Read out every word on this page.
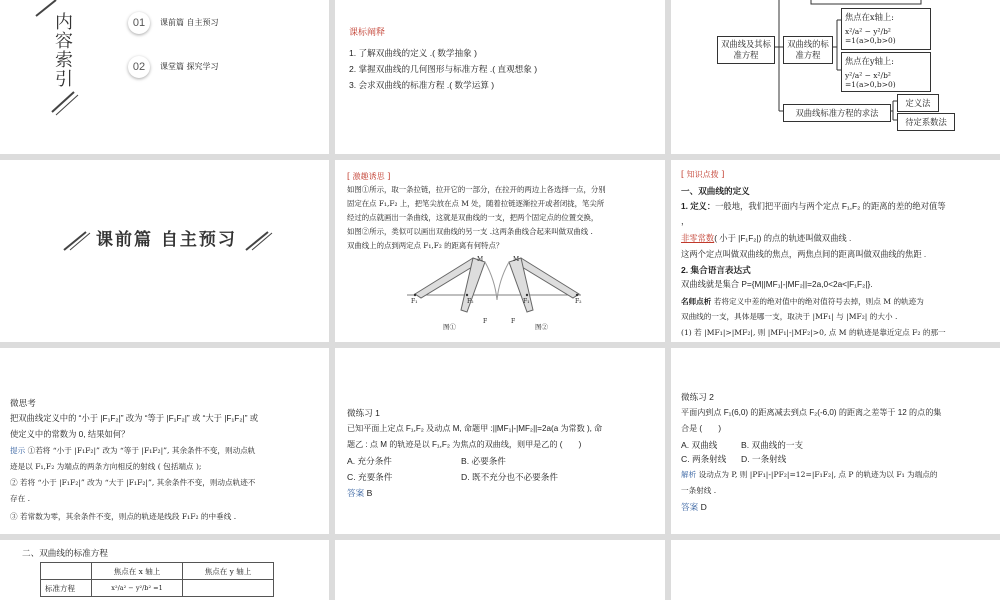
内容索引	01	课前篇 自主预习
02	课堂篇 探究学习
课标阐释
1. 了解双曲线的定义 .( 数学抽象 )
2. 掌握双曲线的几何图形与标准方程 .( 直观想象 )
3. 会求双曲线的标准方程 .( 数学运算 )
双曲线及其标准方程
双曲线的标准方程
焦点在x轴上:
x²/a² − y²/b² =1(a>0,b>0)
焦点在y轴上:
y²/a² − x²/b² =1(a>0,b>0)
双曲线标准方程的求法
定义法
待定系数法
课前篇 自主预习
[ 激趣诱思 ]
如图①所示，取一条拉链，拉开它的一部分，在拉开的两边上各选择一点，分别
固定在点 F₁,F₂ 上，把笔尖放在点 M 处，随着拉链逐渐拉开或者闭拢，笔尖所
经过的点就画出一条曲线，这就是双曲线的一支，把两个固定点的位置交换，
如图②所示，类似可以画出双曲线的另一支 .这两条曲线合起来叫做双曲线 .
双曲线上的点到两定点 F₁,F₂ 的距离有何特点？
F₁	F₂
M
F
F₁	F₂
M
F
图①	图②
[ 知识点拨 ]
一、双曲线的定义
1. 定义：一般地，我们把平面内与两个定点 F₁,F₂ 的距离的差的绝对值等
，
非零常数( 小于 |F₁F₂|) 的点的轨迹叫做双曲线 .
这两个定点叫做双曲线的焦点，两焦点间的距离叫做双曲线的焦距 .
2. 集合语言表达式
双曲线就是集合 P={M||MF₁|-|MF₂||=2a,0<2a<|F₁F₂|}.
名师点析 若将定义中差的绝对值中的绝对值符号去掉，则点 M 的轨迹为
双曲线的一支，具体是哪一支，取决于 |MF₁| 与 |MF₂| 的大小 .
(1) 若 |MF₁|>|MF₂|, 则 |MF₁|-|MF₂|>0, 点 M 的轨迹是靠近定点 F₂ 的那一
微思考
把双曲线定义中的 “小于 |F₁F₂|” 改为 “等于 |F₁F₂|” 或 “大于 |F₁F₂|” 或
使定义中的常数为 0, 结果如何？
提示 ①若将 “小于 |F₁F₂|” 改为 “等于 |F₁F₂|”, 其余条件不变，则动点轨
迹是以 F₁,F₂ 为端点的两条方向相反的射线 ( 包括端点 );
② 若将 “小于 |F₁F₂|” 改为 “大于 |F₁F₂|”, 其余条件不变，则动点轨迹不
存在 .
③ 若常数为零，其余条件不变，则点的轨迹是线段 F₁F₂ 的中垂线 .
微练习 1
已知平面上定点 F₁,F₂ 及动点 M, 命题甲 :||MF₁|-|MF₂||=2a(a 为常数 ), 命
题乙 : 点 M 的轨迹是以 F₁,F₂ 为焦点的双曲线，则甲是乙的 (　　)
A. 充分条件	B. 必要条件
C. 充要条件	D. 既不充分也不必要条件
答案 B
微练习 2
平面内到点 F₁(6,0) 的距离减去到点 F₂(-6,0) 的距离之差等于 12 的点的集
合是 (　　)
A. 双曲线	B. 双曲线的一支
C. 两条射线 D. 一条射线
解析 设动点为 P, 则 |PF₁|-|PF₂|=12=|F₁F₂|, 点 P 的轨迹为以 F₁ 为端点的
一条射线 .
答案 D
二、双曲线的标准方程
	焦点在 x 轴上	焦点在 y 轴上
标准方程	x²/a² − y²/b² =1	
